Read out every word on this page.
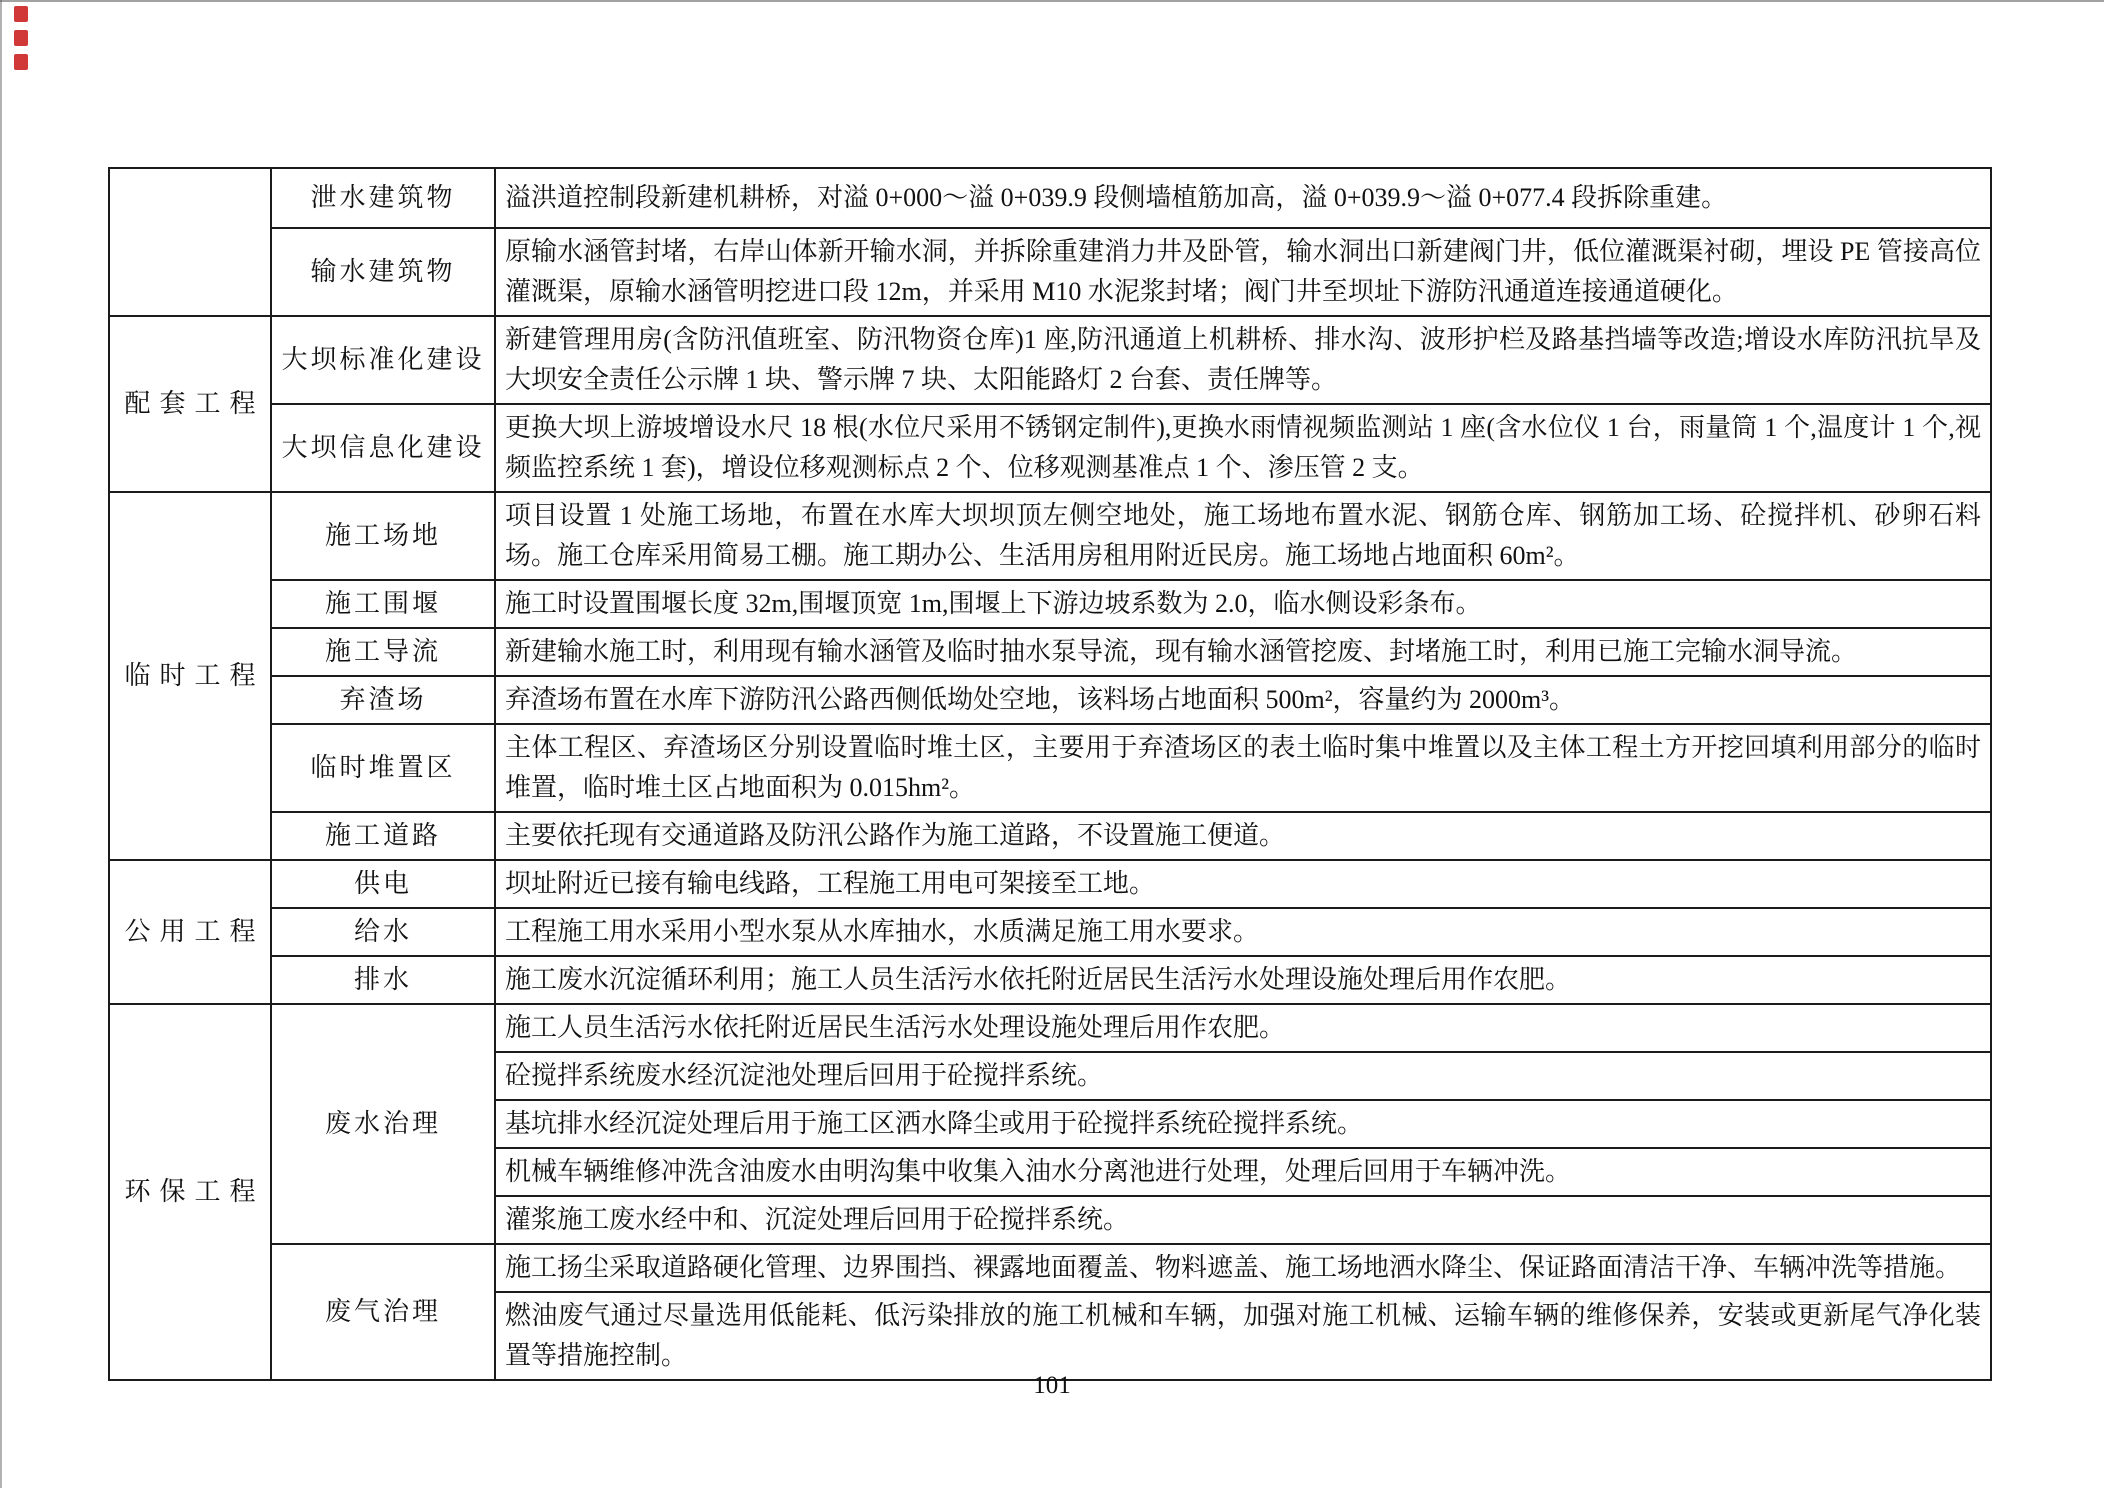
	泄水建筑物	溢洪道控制段新建机耕桥，对溢 0+000～溢 0+039.9 段侧墙植筋加高，溢 0+039.9～溢 0+077.4 段拆除重建。
	输水建筑物	原输水涵管封堵，右岸山体新开输水洞，并拆除重建消力井及卧管，输水洞出口新建阀门井，低位灌溉渠衬砌，埋设 PE 管接高位灌溉渠，原输水涵管明挖进口段 12m，并采用 M10 水泥浆封堵；阀门井至坝址下游防汛通道连接通道硬化。
配套工程	大坝标准化建设	新建管理用房(含防汛值班室、防汛物资仓库)1 座,防汛通道上机耕桥、排水沟、波形护栏及路基挡墙等改造;增设水库防汛抗旱及大坝安全责任公示牌 1 块、警示牌 7 块、太阳能路灯 2 台套、责任牌等。
	大坝信息化建设	更换大坝上游坡增设水尺 18 根(水位尺采用不锈钢定制件),更换水雨情视频监测站 1 座(含水位仪 1 台，雨量筒 1 个,温度计 1 个,视频监控系统 1 套)，增设位移观测标点 2 个、位移观测基准点 1 个、渗压管 2 支。
临时工程	施工场地	项目设置 1 处施工场地，布置在水库大坝坝顶左侧空地处，施工场地布置水泥、钢筋仓库、钢筋加工场、砼搅拌机、砂卵石料场。施工仓库采用简易工棚。施工期办公、生活用房租用附近民房。施工场地占地面积 60m²。
	施工围堰	施工时设置围堰长度 32m,围堰顶宽 1m,围堰上下游边坡系数为 2.0，临水侧设彩条布。
	施工导流	新建输水施工时，利用现有输水涵管及临时抽水泵导流，现有输水涵管挖废、封堵施工时，利用已施工完输水洞导流。
	弃渣场	弃渣场布置在水库下游防汛公路西侧低坳处空地，该料场占地面积 500m²，容量约为 2000m³。
	临时堆置区	主体工程区、弃渣场区分别设置临时堆土区，主要用于弃渣场区的表土临时集中堆置以及主体工程土方开挖回填利用部分的临时堆置，临时堆土区占地面积为 0.015hm²。
	施工道路	主要依托现有交通道路及防汛公路作为施工道路，不设置施工便道。
公用工程	供电	坝址附近已接有输电线路，工程施工用电可架接至工地。
	给水	工程施工用水采用小型水泵从水库抽水，水质满足施工用水要求。
	排水	施工废水沉淀循环利用；施工人员生活污水依托附近居民生活污水处理设施处理后用作农肥。
环保工程	废水治理	施工人员生活污水依托附近居民生活污水处理设施处理后用作农肥。
		砼搅拌系统废水经沉淀池处理后回用于砼搅拌系统。
		基坑排水经沉淀处理后用于施工区洒水降尘或用于砼搅拌系统砼搅拌系统。
		机械车辆维修冲洗含油废水由明沟集中收集入油水分离池进行处理，处理后回用于车辆冲洗。
		灌浆施工废水经中和、沉淀处理后回用于砼搅拌系统。
	废气治理	施工扬尘采取道路硬化管理、边界围挡、裸露地面覆盖、物料遮盖、施工场地洒水降尘、保证路面清洁干净、车辆冲洗等措施。
		燃油废气通过尽量选用低能耗、低污染排放的施工机械和车辆，加强对施工机械、运输车辆的维修保养，安装或更新尾气净化装置等措施控制。
101
